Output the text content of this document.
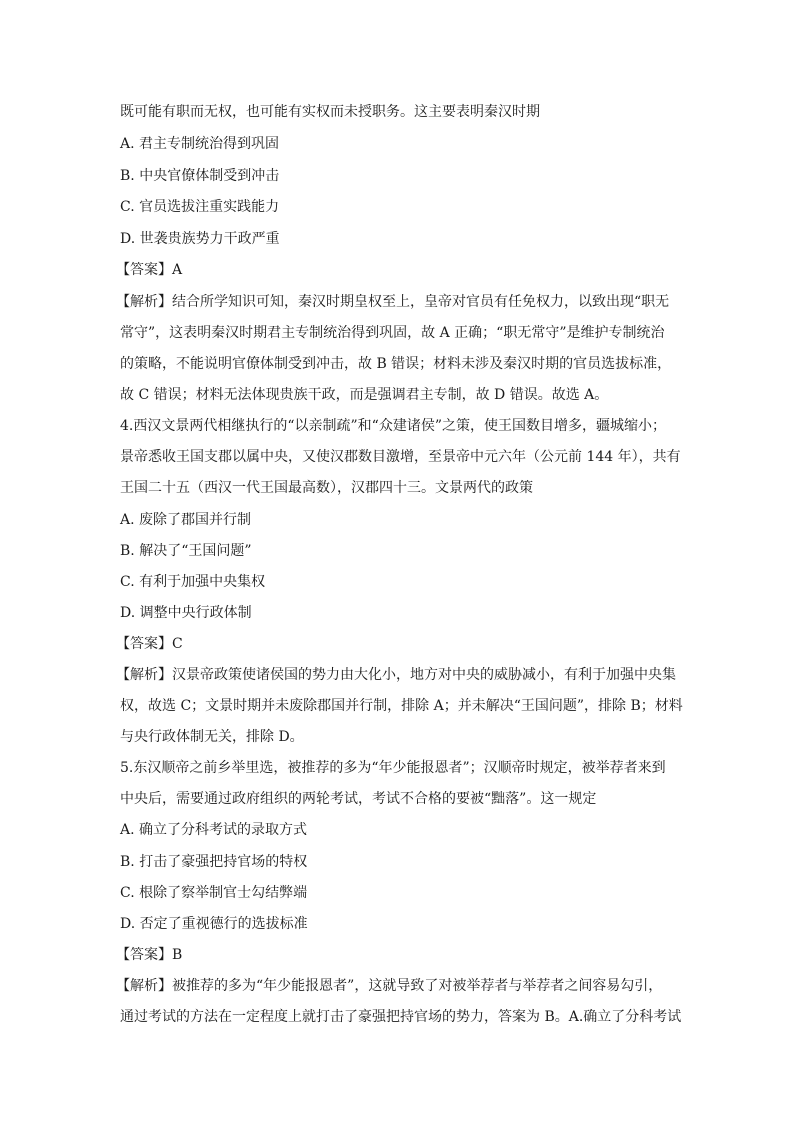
既可能有职而无权，也可能有实权而未授职务。这主要表明秦汉时期
A. 君主专制统治得到巩固
B. 中央官僚体制受到冲击
C. 官员选拔注重实践能力
D. 世袭贵族势力干政严重
【答案】A
【解析】结合所学知识可知，秦汉时期皇权至上，皇帝对官员有任免权力，以致出现“职无
常守”，这表明秦汉时期君主专制统治得到巩固，故 A 正确；“职无常守”是维护专制统治
的策略，不能说明官僚体制受到冲击，故 B 错误；材料未涉及秦汉时期的官员选拔标准，
故 C 错误；材料无法体现贵族干政，而是强调君主专制，故 D 错误。故选 A。
4.西汉文景两代相继执行的“以亲制疏”和“众建诸侯”之策，使王国数目增多，疆城缩小；
景帝悉收王国支郡以属中央，又使汉郡数目激增，至景帝中元六年（公元前 144 年），共有
王国二十五（西汉一代王国最高数），汉郡四十三。文景两代的政策
A. 废除了郡国并行制
B. 解决了“王国问题”
C. 有利于加强中央集权
D. 调整中央行政体制
【答案】C
【解析】汉景帝政策使诸侯国的势力由大化小，地方对中央的威胁减小，有利于加强中央集
权，故选 C；文景时期并未废除郡国并行制，排除 A；并未解决“王国问题”，排除 B；材料
与央行政体制无关，排除 D。
5.东汉顺帝之前乡举里选，被推荐的多为“年少能报恩者”；汉顺帝时规定，被举荐者来到
中央后，需要通过政府组织的两轮考试，考试不合格的要被“黜落”。这一规定
A. 确立了分科考试的录取方式
B. 打击了豪强把持官场的特权
C. 根除了察举制官士勾结弊端
D. 否定了重视德行的选拔标准
【答案】B
【解析】被推荐的多为“年少能报恩者”，这就导致了对被举荐者与举荐者之间容易勾引，
通过考试的方法在一定程度上就打击了豪强把持官场的势力，答案为 B。A.确立了分科考试
